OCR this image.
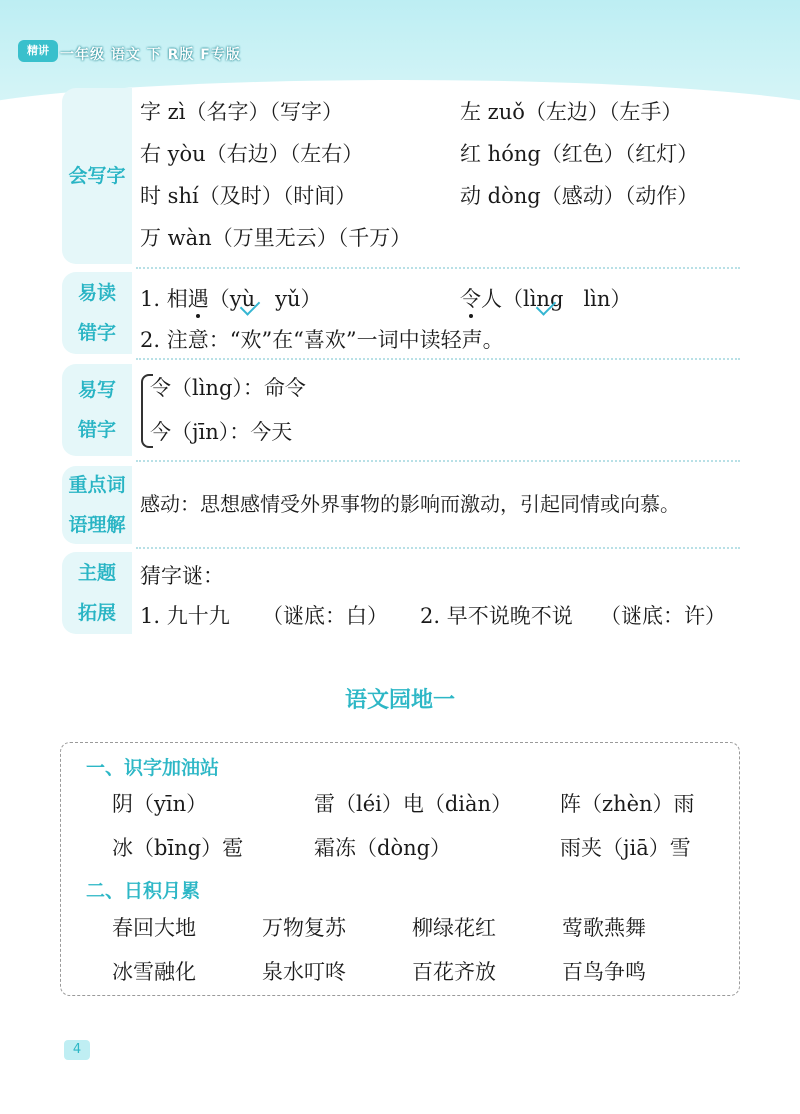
精讲 一年级 语文 下 R版 F专版
会写字
字 zì（名字）（写字）	左 zuǒ（左边）（左手）
右 yòu（右边）（左右）	红 hóng（红色）（红灯）
时 shí（及时）（时间）	动 dòng（感动）（动作）
万 wàn（万里无云）（千万）
易读
错字
1. 相遇（yù yǔ）	令人（lìng lìn）
2. 注意：“欢”在“喜欢”一词中读轻声。
易写
错字
令（lìng）：命令
今（jīn）：今天
重点词
语理解
感动：思想感情受外界事物的影响而激动，引起同情或向慕。
主题
拓展
猜字谜：
1. 九十九 （谜底：白） 2. 早不说晚不说 （谜底：许）
语文园地一
一、识字加油站
阴（yīn）	雷（léi）电（diàn） 阵（zhèn）雨
冰（bīng）雹	霜冻（dòng）	雨夹（jiā）雪
二、日积月累
春回大地	万物复苏	柳绿花红	莺歌燕舞
冰雪融化	泉水叮咚	百花齐放	百鸟争鸣
4
